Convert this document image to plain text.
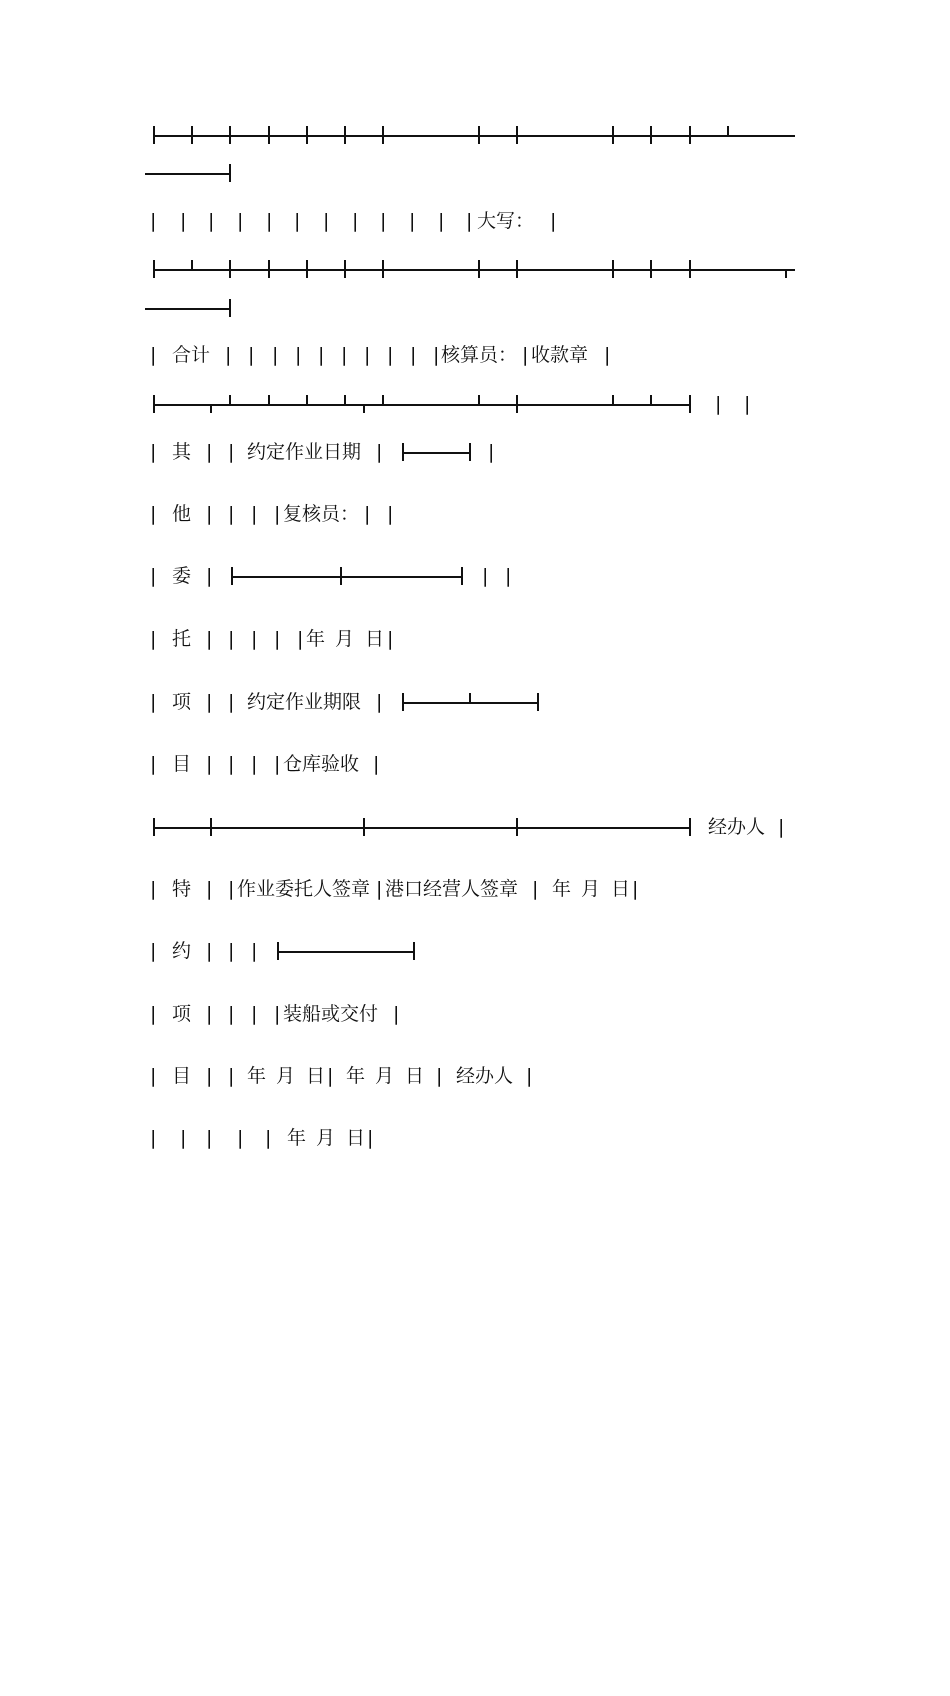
|

|

|

|

|

|

|

|

|

|

|

|

大写：

|

|

合计

|

|

|

|

|

|

|

|

|

|

核算员：

|

收款章

|

|

|

|

其

|

|

约定作业日期

|

	|

|

他

|

|

|

|

复核员：

|

|

|

委

|

	|

|

|

托

|

|

|

|

|

年

月

日

|

|

项

|

|

约定作业期限

|

|

目

|

|

|

|

仓库验收

|

经办人

|

|

特

|

|

作业委托人签章

|

港口经营人签章

|

年

月

日

|

|

约

|

|

|

|

项

|

|

|

|

装船或交付

|

|

目

|

|

年

月

日

|

年

月

日

|

经办人

|

|

|

|

|

|

年

月

日

|
